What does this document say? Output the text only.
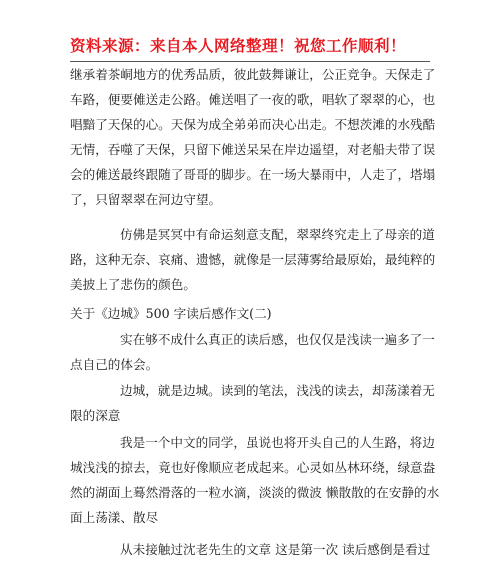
资料来源：来自本人网络整理！祝您工作顺利！
继承着茶峒地方的优秀品质，彼此鼓舞谦让，公正竞争。天保走了
车路，便要傩送走公路。傩送唱了一夜的歌，唱软了翠翠的心，也
唱黯了天保的心。天保为成全弟弟而决心出走。不想茨滩的水残酷
无情，吞噬了天保，只留下傩送呆呆在岸边遥望，对老船夫带了误
会的傩送最终跟随了哥哥的脚步。在一场大暴雨中，人走了，塔塌
了，只留翠翠在河边守望。
仿佛是冥冥中有命运刻意支配，翠翠终究走上了母亲的道
路，这种无奈、哀痛、遗憾，就像是一层薄雾给最原始，最纯粹的
美披上了悲伤的颜色。
关于《边城》500 字读后感作文(二)
实在够不成什么真正的读后感，也仅仅是浅读一遍多了一
点自己的体会。
边城，就是边城。读到的笔法，浅浅的读去，却荡漾着无
限的深意
我是一个中文的同学，虽说也将开头自己的人生路，将边
城浅浅的掠去，竟也好像顺应老成起来。心灵如丛林环绕，绿意盎
然的湖面上蓦然滑落的一粒水滴，淡淡的微波 懒散散的在安静的水
面上荡漾、散尽
从未接触过沈老先生的文章 这是第一次 读后感倒是看过
